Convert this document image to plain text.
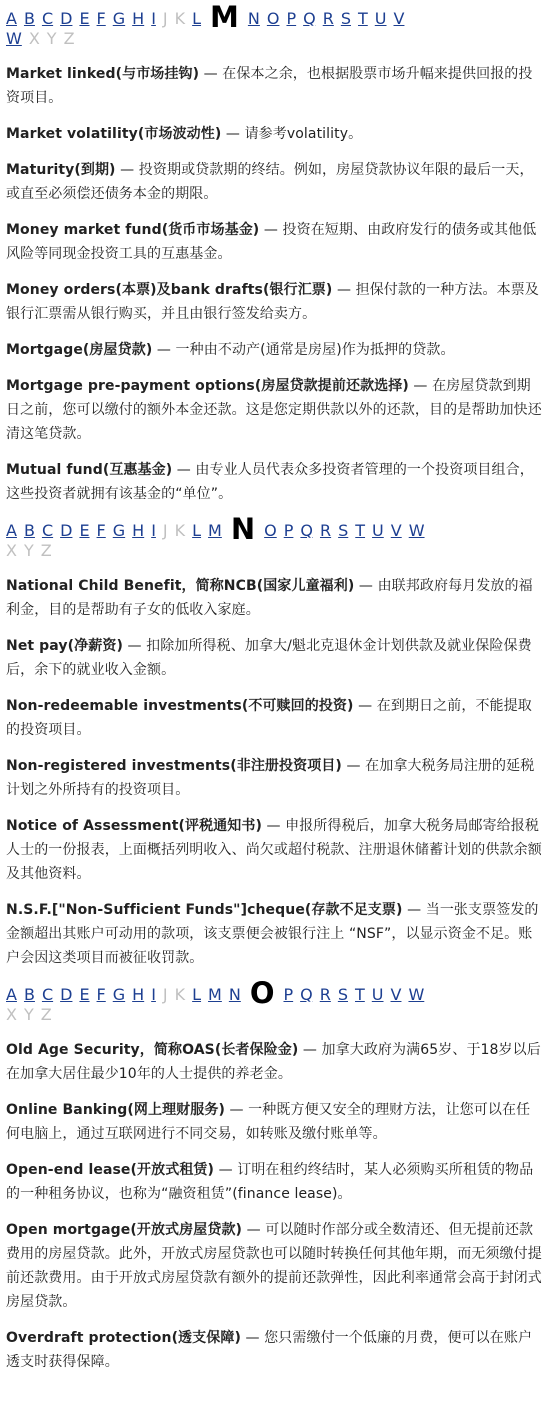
A B C D E F G H I J K L M N O P Q R S T U V
W X Y Z

Market linked(与市场挂钩) — 在保本之余，也根据股票市场升幅来提供回报的投资项目。

Market volatility(市场波动性) — 请参考volatility。

Maturity(到期) — 投资期或贷款期的终结。例如，房屋贷款协议年限的最后一天，或直至必须偿还债务本金的期限。

Money market fund(货币市场基金) — 投资在短期、由政府发行的债务或其他低风险等同现金投资工具的互惠基金。

Money orders(本票)及bank drafts(银行汇票) — 担保付款的一种方法。本票及银行汇票需从银行购买，并且由银行签发给卖方。

Mortgage(房屋贷款) — 一种由不动产(通常是房屋)作为抵押的贷款。

Mortgage pre-payment options(房屋贷款提前还款选择) — 在房屋贷款到期日之前，您可以缴付的额外本金还款。这是您定期供款以外的还款，目的是帮助加快还清这笔贷款。

Mutual fund(互惠基金) — 由专业人员代表众多投资者管理的一个投资项目组合，这些投资者就拥有该基金的“单位”。

A B C D E F G H I J K L M N O P Q R S T U V W
X Y Z

National Child Benefit，简称NCB(国家儿童福利) — 由联邦政府每月发放的福利金，目的是帮助有子女的低收入家庭。

Net pay(净薪资) — 扣除加所得税、加拿大/魁北克退休金计划供款及就业保险保费后，余下的就业收入金额。

Non-redeemable investments(不可赎回的投资) — 在到期日之前，不能提取的投资项目。

Non-registered investments(非注册投资项目) — 在加拿大税务局注册的延税计划之外所持有的投资项目。

Notice of Assessment(评税通知书) — 申报所得税后，加拿大税务局邮寄给报税人士的一份报表，上面概括列明收入、尚欠或超付税款、注册退休储蓄计划的供款余额及其他资料。

N.S.F.["Non-Sufficient Funds"]cheque(存款不足支票) — 当一张支票签发的金额超出其账户可动用的款项，该支票便会被银行注上 “NSF”，以显示资金不足。账户会因这类项目而被征收罚款。

A B C D E F G H I J K L M N O P Q R S T U V W
X Y Z

Old Age Security，简称OAS(长者保险金) — 加拿大政府为满65岁、于18岁以后在加拿大居住最少10年的人士提供的养老金。

Online Banking(网上理财服务) — 一种既方便又安全的理财方法，让您可以在任何电脑上，通过互联网进行不同交易，如转账及缴付账单等。

Open-end lease(开放式租赁) — 订明在租约终结时，某人必须购买所租赁的物品的一种租务协议，也称为“融资租赁”(finance lease)。

Open mortgage(开放式房屋贷款) — 可以随时作部分或全数清还、但无提前还款费用的房屋贷款。此外，开放式房屋贷款也可以随时转换任何其他年期，而无须缴付提前还款费用。由于开放式房屋贷款有额外的提前还款弹性，因此利率通常会高于封闭式房屋贷款。

Overdraft protection(透支保障) — 您只需缴付一个低廉的月费，便可以在账户透支时获得保障。
